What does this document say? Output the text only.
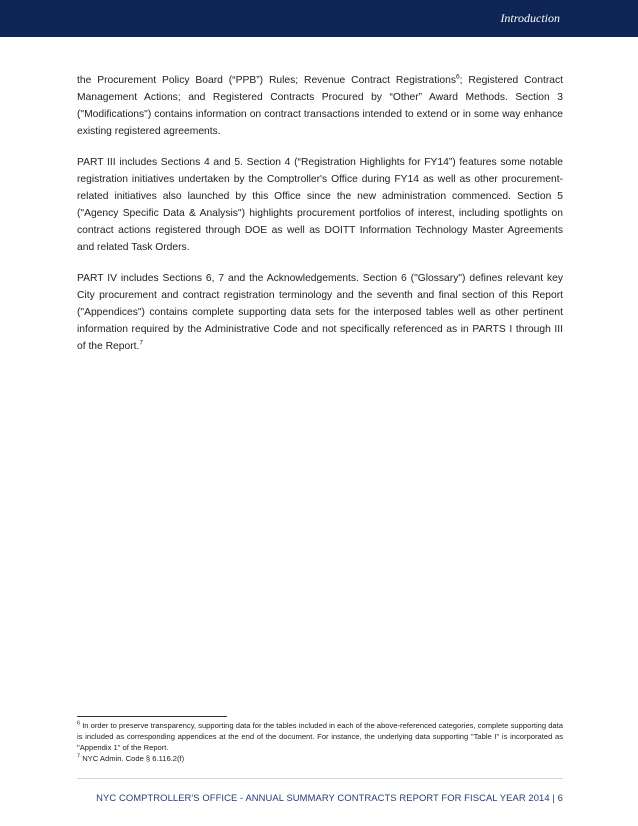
Introduction

the Procurement Policy Board (“PPB”) Rules; Revenue Contract Registrations$^6$; Registered Contract Management Actions; and Registered Contracts Procured by “Other” Award Methods. Section 3 ("Modifications") contains information on contract transactions intended to extend or in some way enhance existing registered agreements.

PART III includes Sections 4 and 5. Section 4 (“Registration Highlights for FY14”) features some notable registration initiatives undertaken by the Comptroller's Office during FY14 as well as other procurement-related initiatives also launched by this Office since the new administration commenced. Section 5 ("Agency Specific Data & Analysis") highlights procurement portfolios of interest, including spotlights on contract actions registered through DOE as well as DOITT Information Technology Master Agreements and related Task Orders.

PART IV includes Sections 6, 7 and the Acknowledgements. Section 6 ("Glossary") defines relevant key City procurement and contract registration terminology and the seventh and final section of this Report ("Appendices") contains complete supporting data sets for the interposed tables well as other pertinent information required by the Administrative Code and not specifically referenced as in PARTS I through III of the Report.$^7$

$^6$ In order to preserve transparency, supporting data for the tables included in each of the above-referenced categories, complete supporting data is included as corresponding appendices at the end of the document. For instance, the underlying data supporting "Table I" is incorporated as "Appendix 1" of the Report.

$^7$ NYC Admin. Code § 6.116.2(f)

NYC COMPTROLLER'S OFFICE - ANNUAL SUMMARY CONTRACTS REPORT FOR FISCAL YEAR 2014 | 6
